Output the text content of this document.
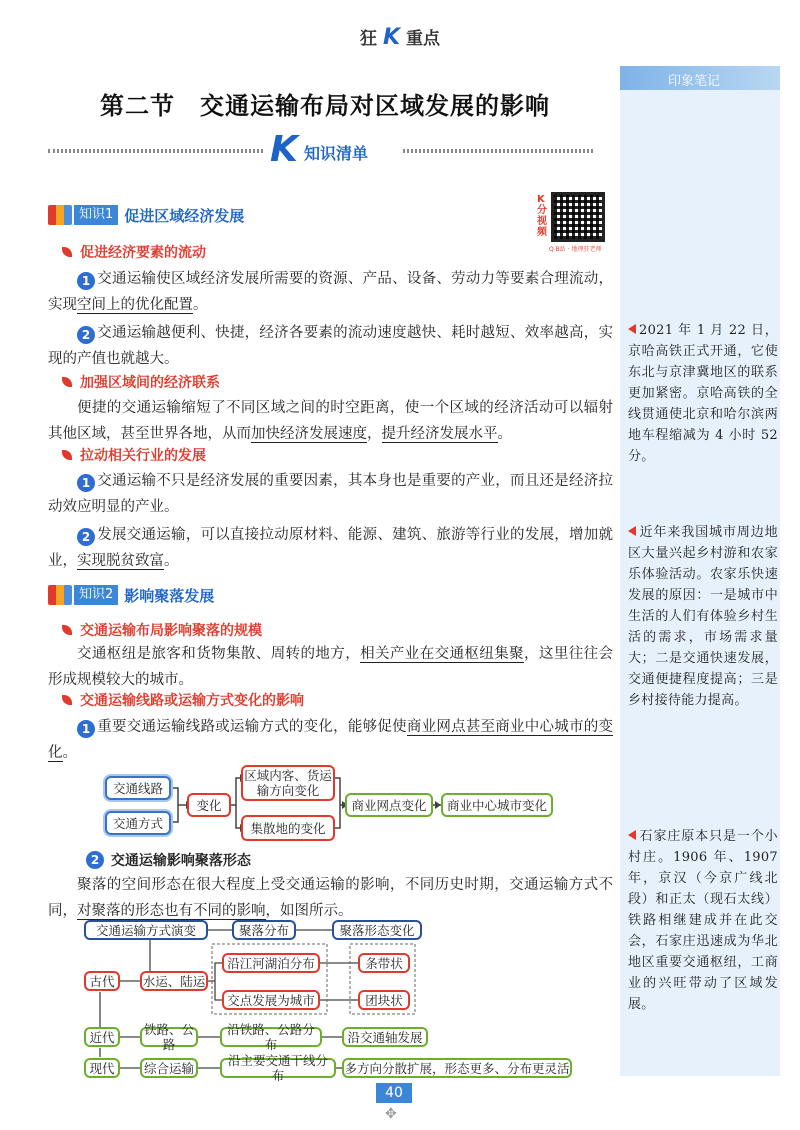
狂 K 重点
第二节　交通运输布局对区域发展的影响
K 知识清单
知识1 促进区域经济发展
K分视频
Q B站 · 地理狂老师
促进经济要素的流动
1 交通运输使区域经济发展所需要的资源、产品、设备、劳动力等要素合理流动，实现空间上的优化配置。
2 交通运输越便利、快捷，经济各要素的流动速度越快、耗时越短、效率越高，实现的产值也就越大。
加强区域间的经济联系
便捷的交通运输缩短了不同区域之间的时空距离，使一个区域的经济活动可以辐射其他区域，甚至世界各地，从而加快经济发展速度，提升经济发展水平。
拉动相关行业的发展
1 交通运输不只是经济发展的重要因素，其本身也是重要的产业，而且还是经济拉动效应明显的产业。
2 发展交通运输，可以直接拉动原材料、能源、建筑、旅游等行业的发展，增加就业，实现脱贫致富。
知识2 影响聚落发展
交通运输布局影响聚落的规模
交通枢纽是旅客和货物集散、周转的地方，相关产业在交通枢纽集聚，这里往往会形成规模较大的城市。
交通运输线路或运输方式变化的影响
1 重要交通运输线路或运输方式的变化，能够促使商业网点甚至商业中心城市的变化。
交通线路
交通方式
变化
区域内客、货运输方向变化
集散地的变化
商业网点变化	商业中心城市变化
2
交通运输影响聚落形态
聚落的空间形态在很大程度上受交通运输的影响，不同历史时期，交通运输方式不同，对聚落的形态也有不同的影响，如图所示。
交通运输方式演变	聚落分布	聚落形态变化
古代	水运、陆运
沿江河湖泊分布	条带状
交点发展为城市	团块状
近代	铁路、公路
沿铁路、公路分布	沿交通轴发展
现代	综合运输	沿主要交通干线分布	多方向分散扩展，形态更多、分布更灵活
印象笔记
2021 年 1 月 22 日，京哈高铁正式开通，它使东北与京津冀地区的联系更加紧密。京哈高铁的全线贯通使北京和哈尔滨两地车程缩减为 4 小时 52 分。
近年来我国城市周边地区大量兴起乡村游和农家乐体验活动。农家乐快速发展的原因：一是城市中生活的人们有体验乡村生活的需求，市场需求量大；二是交通快速发展，交通便捷程度提高；三是乡村接待能力提高。
石家庄原本只是一个小村庄。1906 年、1907 年，京汉（今京广线北段）和正太（现石太线）铁路相继建成并在此交会，石家庄迅速成为华北地区重要交通枢纽，工商业的兴旺带动了区域发展。
40
✥
